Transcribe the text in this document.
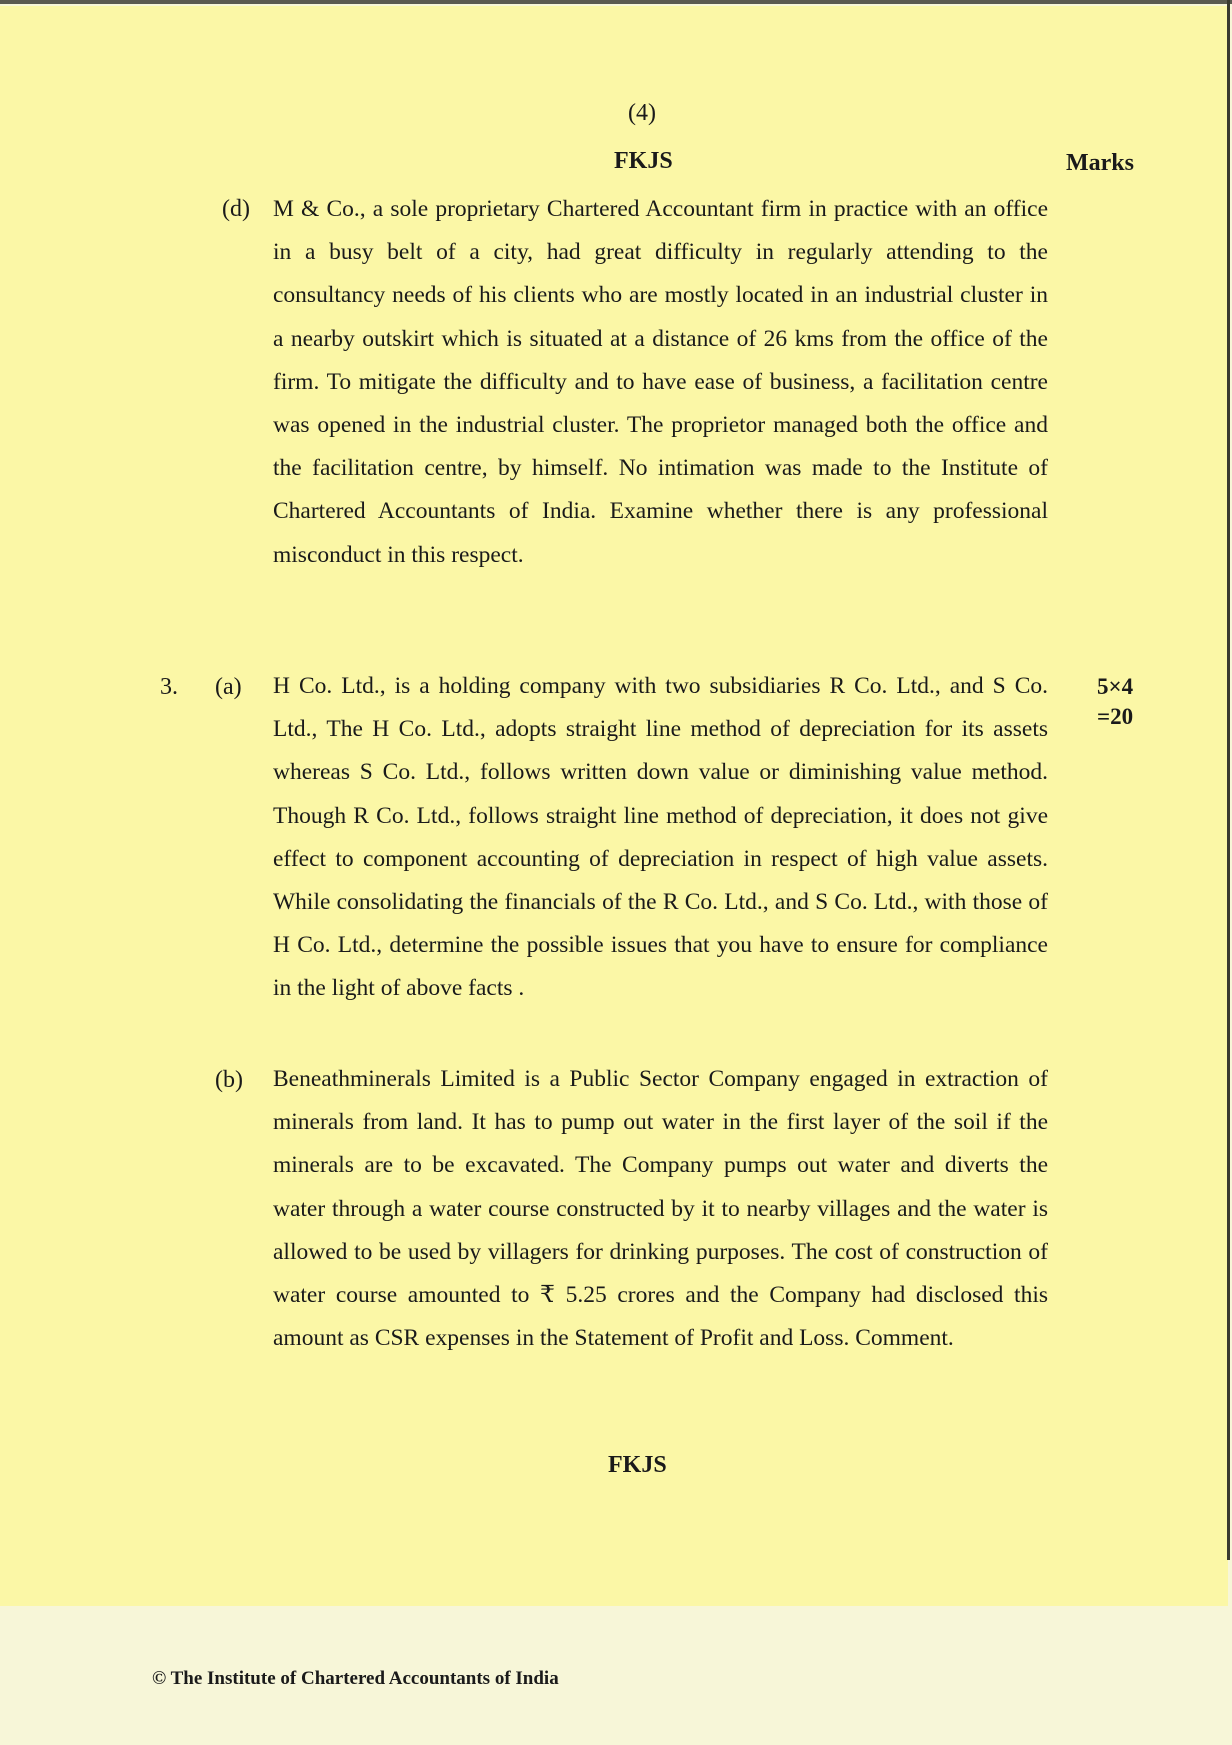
(4)
FKJS	Marks
(d) M & Co., a sole proprietary Chartered Accountant firm in practice with an office in a busy belt of a city, had great difficulty in regularly attending to the consultancy needs of his clients who are mostly located in an industrial cluster in a nearby outskirt which is situated at a distance of 26 kms from the office of the firm. To mitigate the difficulty and to have ease of business, a facilitation centre was opened in the industrial cluster. The proprietor managed both the office and the facilitation centre, by himself. No intimation was made to the Institute of Chartered Accountants of India. Examine whether there is any professional misconduct in this respect.
3. (a) H Co. Ltd., is a holding company with two subsidiaries R Co. Ltd., and S Co. Ltd., The H Co. Ltd., adopts straight line method of depreciation for its assets whereas S Co. Ltd., follows written down value or diminishing value method. Though R Co. Ltd., follows straight line method of depreciation, it does not give effect to component accounting of depreciation in respect of high value assets. While consolidating the financials of the R Co. Ltd., and S Co. Ltd., with those of H Co. Ltd., determine the possible issues that you have to ensure for compliance in the light of above facts .
5×4
=20
(b) Beneathminerals Limited is a Public Sector Company engaged in extraction of minerals from land. It has to pump out water in the first layer of the soil if the minerals are to be excavated. The Company pumps out water and diverts the water through a water course constructed by it to nearby villages and the water is allowed to be used by villagers for drinking purposes. The cost of construction of water course amounted to ₹ 5.25 crores and the Company had disclosed this amount as CSR expenses in the Statement of Profit and Loss. Comment.
FKJS
© The Institute of Chartered Accountants of India
